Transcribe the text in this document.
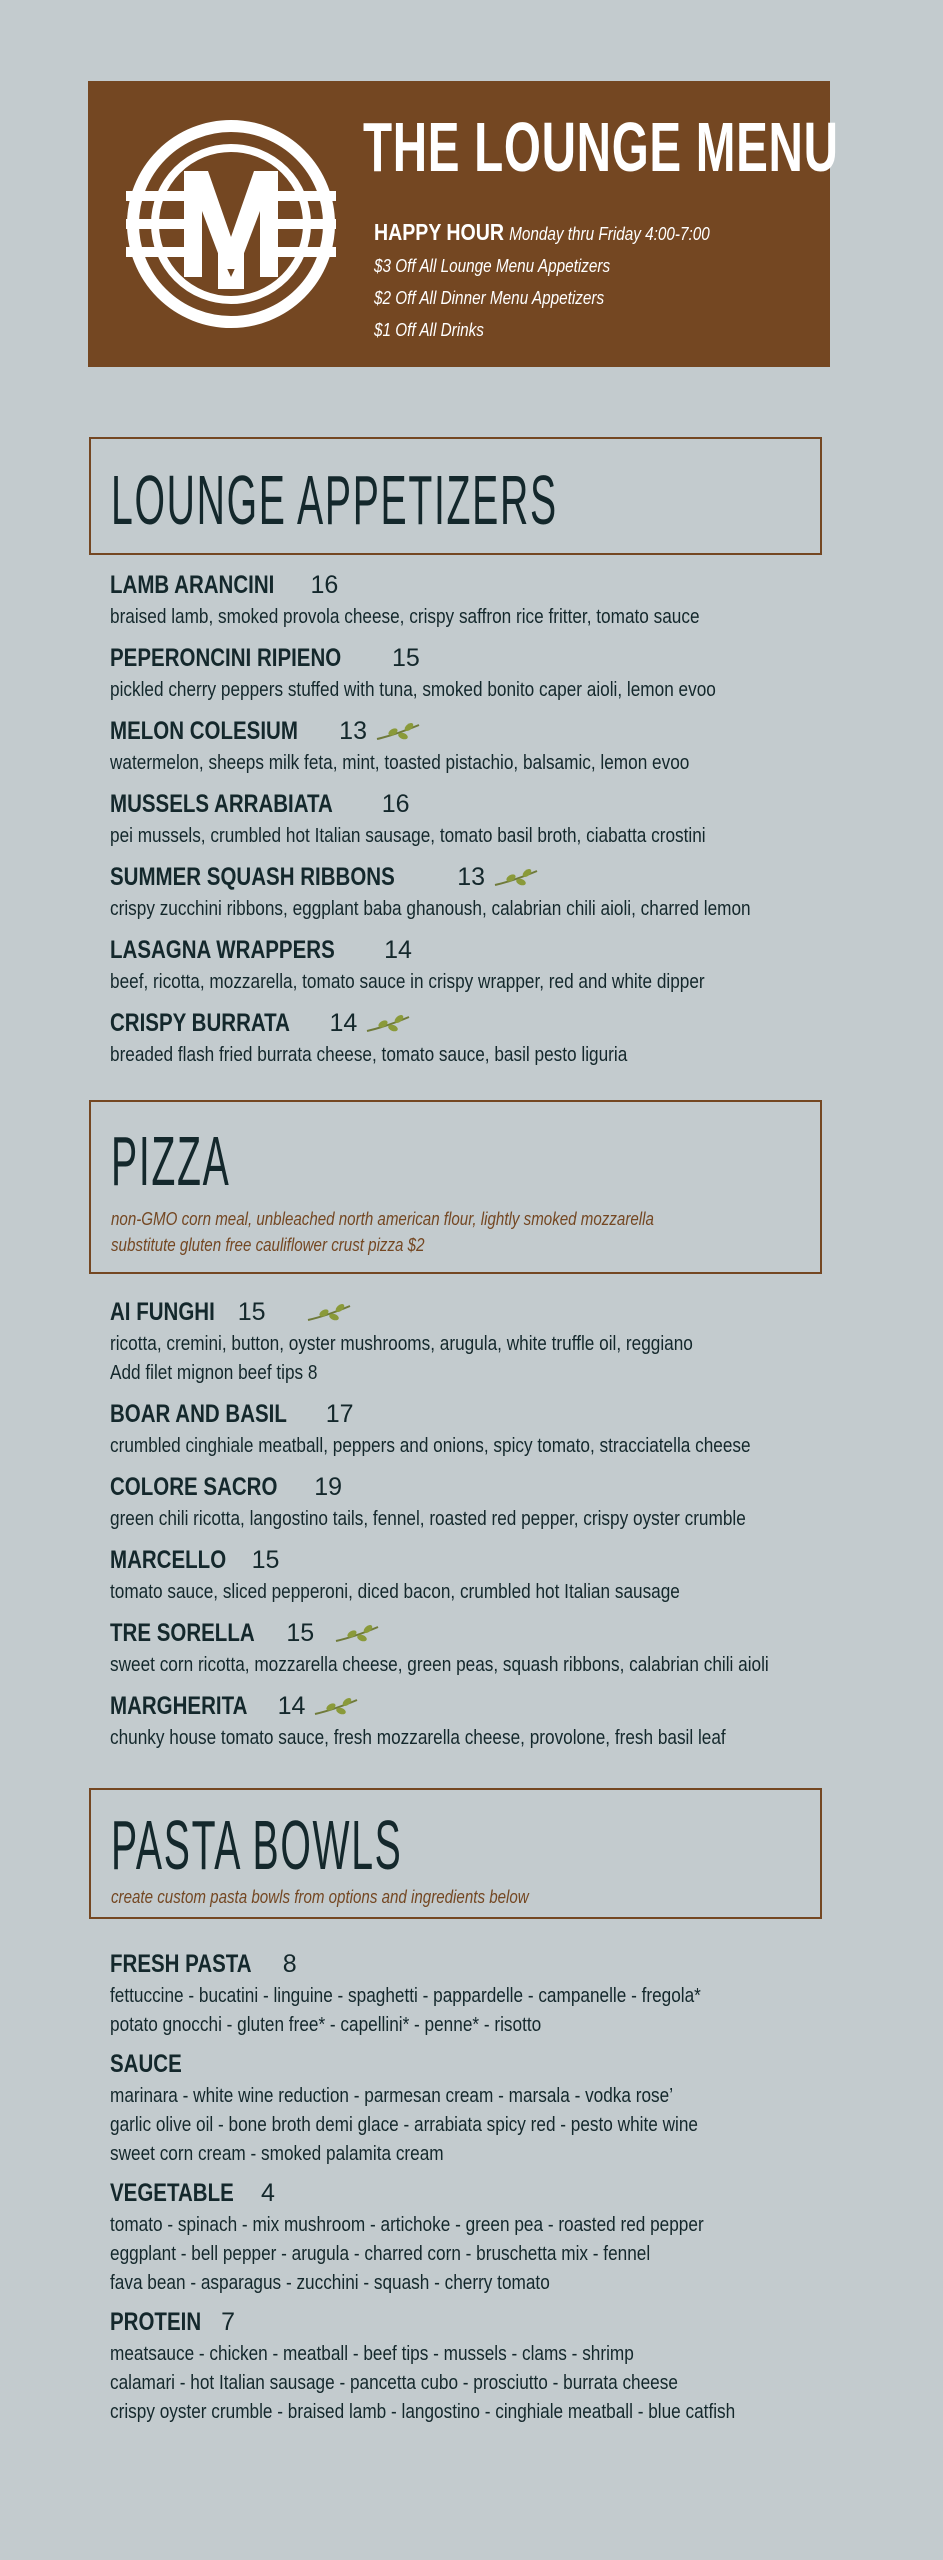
THE LOUNGE MENU
HAPPY HOUR Monday thru Friday 4:00-7:00
$3 Off All Lounge Menu Appetizers
$2 Off All Dinner Menu Appetizers
$1 Off All Drinks
LOUNGE APPETIZERS
LAMB ARANCINI 16
braised lamb, smoked provola cheese, crispy saffron rice fritter, tomato sauce
PEPERONCINI RIPIENO 15
pickled cherry peppers stuffed with tuna, smoked bonito caper aioli, lemon evoo
MELON COLESIUM 13
watermelon, sheeps milk feta, mint, toasted pistachio, balsamic, lemon evoo
MUSSELS ARRABIATA 16
pei mussels, crumbled hot Italian sausage, tomato basil broth, ciabatta crostini
SUMMER SQUASH RIBBONS	13
crispy zucchini ribbons, eggplant baba ghanoush, calabrian chili aioli, charred lemon
LASAGNA WRAPPERS 14
beef, ricotta, mozzarella, tomato sauce in crispy wrapper, red and white dipper
CRISPY BURRATA 14
breaded flash fried burrata cheese, tomato sauce, basil pesto liguria
PIZZA
non-GMO corn meal, unbleached north american flour, lightly smoked mozzarella
substitute gluten free cauliflower crust pizza $2
AI FUNGHI 15
ricotta, cremini, button, oyster mushrooms, arugula, white truffle oil, reggiano
Add filet mignon beef tips 8
BOAR AND BASIL 17
crumbled cinghiale meatball, peppers and onions, spicy tomato, stracciatella cheese
COLORE SACRO 19
green chili ricotta, langostino tails, fennel, roasted red pepper, crispy oyster crumble
MARCELLO 15
tomato sauce, sliced pepperoni, diced bacon, crumbled hot Italian sausage
TRE SORELLA 15
sweet corn ricotta, mozzarella cheese, green peas, squash ribbons, calabrian chili aioli
MARGHERITA 14
chunky house tomato sauce, fresh mozzarella cheese, provolone, fresh basil leaf
PASTA BOWLS
create custom pasta bowls from options and ingredients below
FRESH PASTA 8
fettuccine - bucatini - linguine - spaghetti - pappardelle - campanelle - fregola*
potato gnocchi - gluten free* - capellini* - penne* - risotto
SAUCE
marinara - white wine reduction - parmesan cream - marsala - vodka rose’
garlic olive oil - bone broth demi glace - arrabiata spicy red - pesto white wine
sweet corn cream - smoked palamita cream
VEGETABLE 4
tomato - spinach - mix mushroom - artichoke - green pea - roasted red pepper
eggplant - bell pepper - arugula - charred corn - bruschetta mix - fennel
fava bean - asparagus - zucchini - squash - cherry tomato
PROTEIN 7
meatsauce - chicken - meatball - beef tips - mussels - clams - shrimp
calamari - hot Italian sausage - pancetta cubo - prosciutto - burrata cheese
crispy oyster crumble - braised lamb - langostino - cinghiale meatball - blue catfish
